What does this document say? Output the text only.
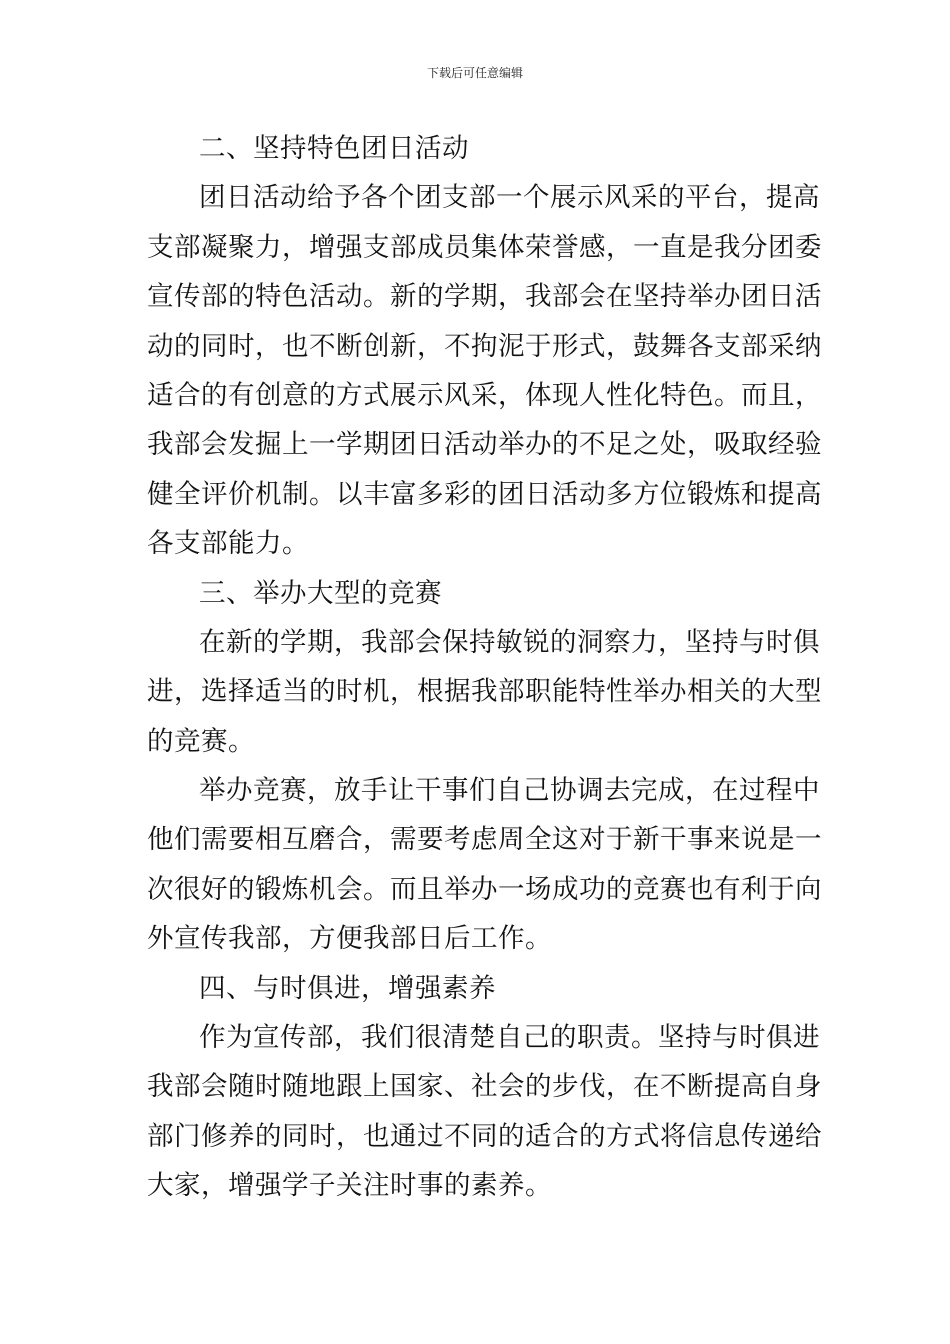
下载后可任意编辑
二、坚持特色团日活动
团日活动给予各个团支部一个展示风采的平台，提高
支部凝聚力，增强支部成员集体荣誉感，一直是我分团委
宣传部的特色活动。新的学期，我部会在坚持举办团日活
动的同时，也不断创新，不拘泥于形式，鼓舞各支部采纳
适合的有创意的方式展示风采，体现人性化特色。而且，
我部会发掘上一学期团日活动举办的不足之处，吸取经验
健全评价机制。以丰富多彩的团日活动多方位锻炼和提高
各支部能力。
三、举办大型的竞赛
在新的学期，我部会保持敏锐的洞察力，坚持与时俱
进，选择适当的时机，根据我部职能特性举办相关的大型
的竞赛。
举办竞赛，放手让干事们自己协调去完成，在过程中
他们需要相互磨合，需要考虑周全这对于新干事来说是一
次很好的锻炼机会。而且举办一场成功的竞赛也有利于向
外宣传我部，方便我部日后工作。
四、与时俱进，增强素养
作为宣传部，我们很清楚自己的职责。坚持与时俱进
我部会随时随地跟上国家、社会的步伐，在不断提高自身
部门修养的同时，也通过不同的适合的方式将信息传递给
大家，增强学子关注时事的素养。
